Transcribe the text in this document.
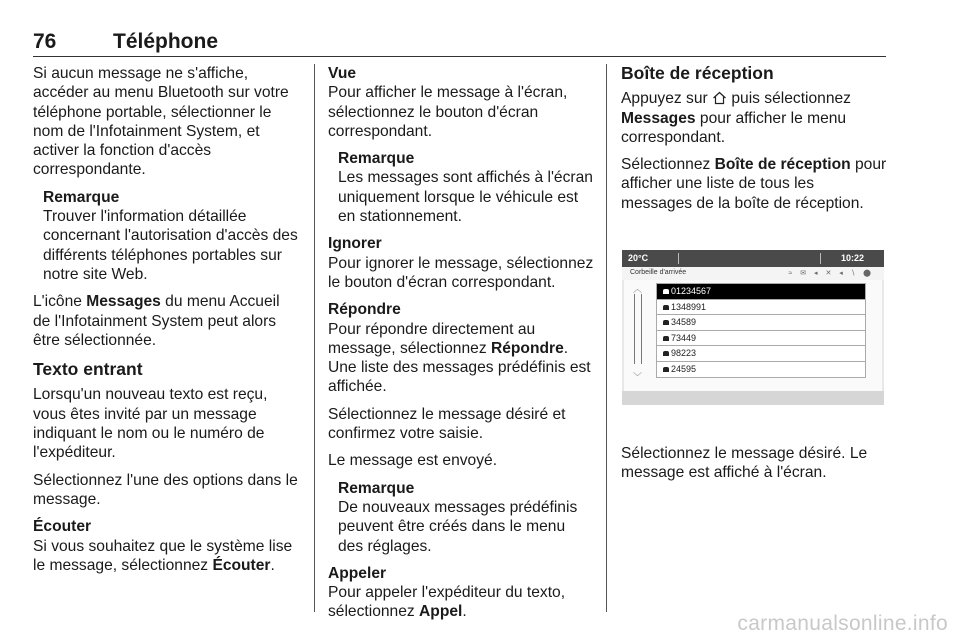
76	Téléphone

Si aucun message ne s'affiche, accéder au menu Bluetooth sur votre téléphone portable, sélectionner le nom de l'Infotainment System, et activer la fonction d'accès correspondante.

Remarque
Trouver l'information détaillée concernant l'autorisation d'accès des différents téléphones portables sur notre site Web.

L'icône Messages du menu Accueil de l'Infotainment System peut alors être sélectionnée.

Texto entrant

Lorsqu'un nouveau texto est reçu, vous êtes invité par un message indiquant le nom ou le numéro de l'expéditeur.

Sélectionnez l'une des options dans le message.

Écouter

Si vous souhaitez que le système lise le message, sélectionnez Écouter.

Vue

Pour afficher le message à l'écran, sélectionnez le bouton d'écran correspondant.

Remarque
Les messages sont affichés à l'écran uniquement lorsque le véhicule est en stationnement.
Ignorer

Pour ignorer le message, sélectionnez le bouton d'écran correspondant.

Répondre

Pour répondre directement au message, sélectionnez Répondre. Une liste des messages prédéfinis est affichée.

Sélectionnez le message désiré et confirmez votre saisie.

Le message est envoyé.

Remarque
De nouveaux messages prédéfinis peuvent être créés dans le menu des réglages.
Appeler

Pour appeler l'expéditeur du texto, sélectionnez Appel.

Boîte de réception

Appuyez sur  puis sélectionnez Messages pour afficher le menu correspondant.

Sélectionnez Boîte de réception pour afficher une liste de tous les messages de la boîte de réception.

Sélectionnez le message désiré. Le message est affiché à l'écran.

20°C	10:22
Corbeille d'arrivée	≈ ✉ ◂ ✕ ◂ ∖ ⬤
︿
﹀
01234567
1348991
34589
73449
98223
24595
carmanualsonline.info
